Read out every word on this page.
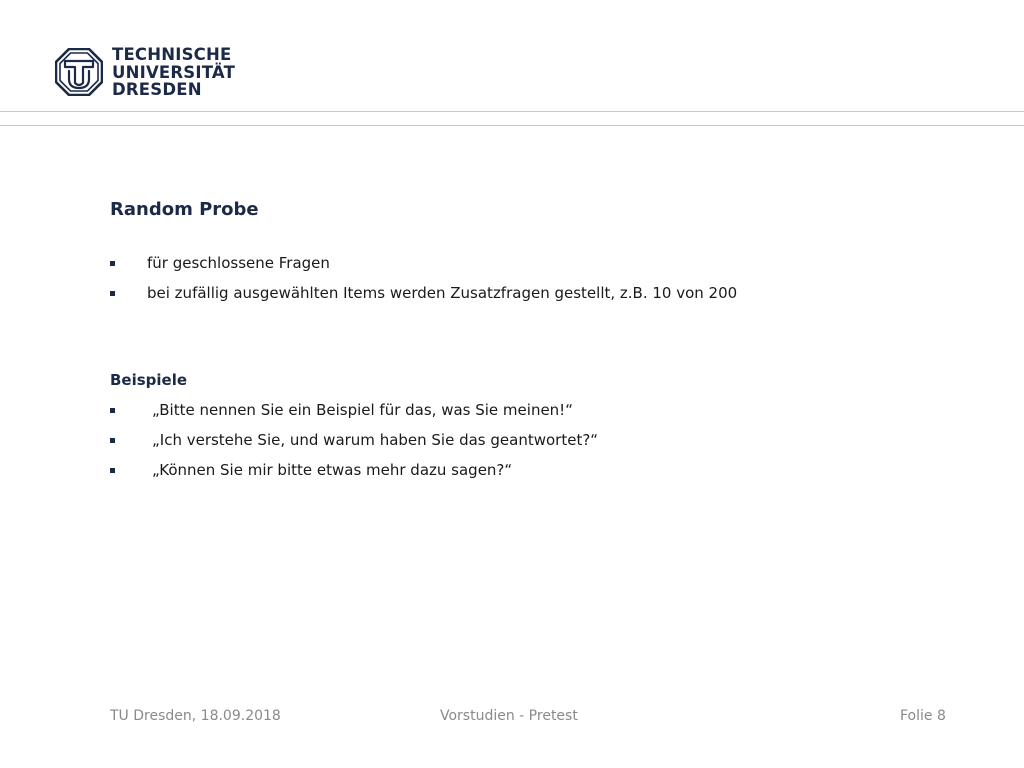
TECHNISCHE
UNIVERSITÄT
DRESDEN
Random Probe
für geschlossene Fragen
bei zufällig ausgewählten Items werden Zusatzfragen gestellt, z.B. 10 von 200
Beispiele
„Bitte nennen Sie ein Beispiel für das, was Sie meinen!“
„Ich verstehe Sie, und warum haben Sie das geantwortet?“
„Können Sie mir bitte etwas mehr dazu sagen?“
TU Dresden, 18.09.2018	Vorstudien - Pretest	Folie 8
